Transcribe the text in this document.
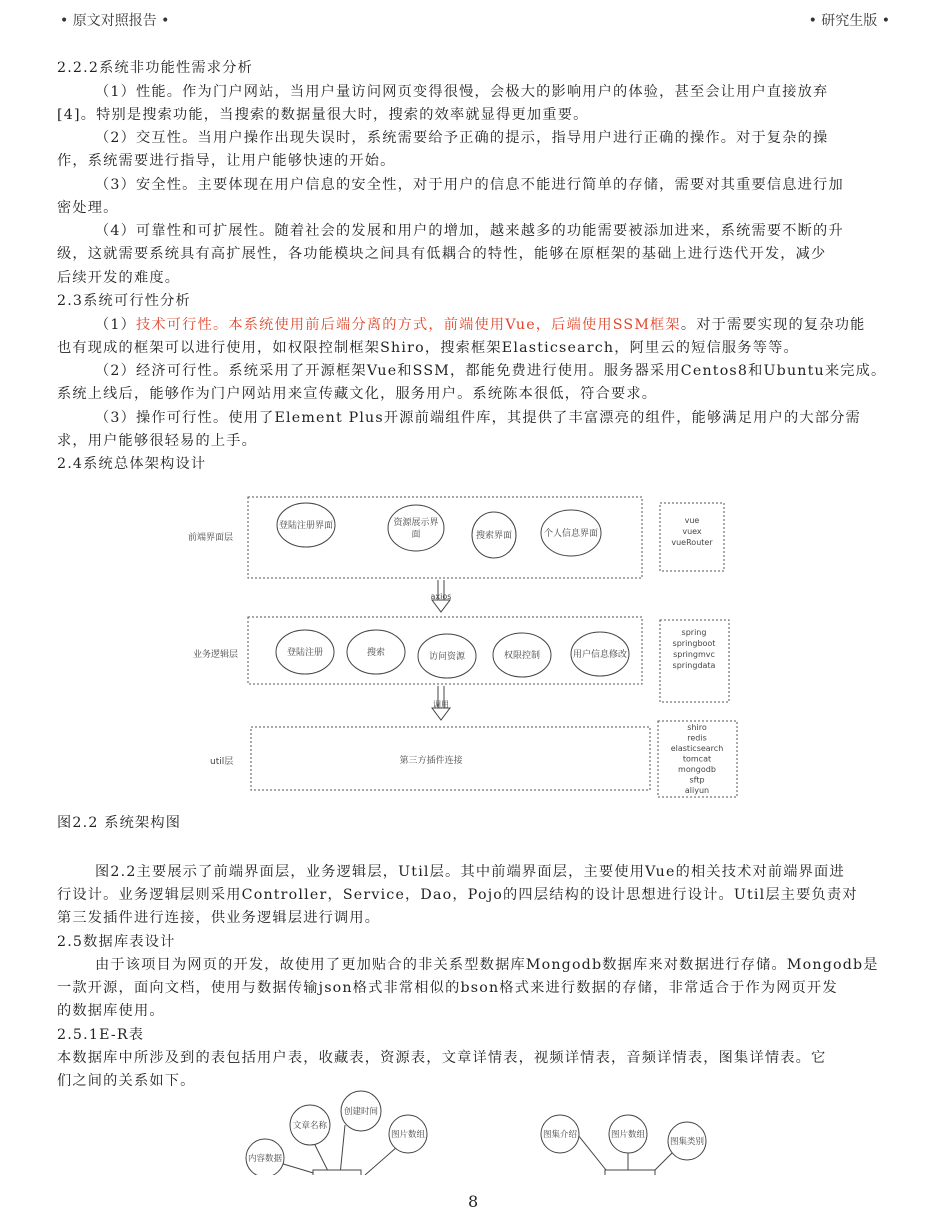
• 原文对照报告 •	• 研究生版 •
2.2.2系统非功能性需求分析
（1）性能。作为门户网站，当用户量访问网页变得很慢，会极大的影响用户的体验，甚至会让用户直接放弃
[4]。特别是搜索功能，当搜索的数据量很大时，搜索的效率就显得更加重要。
（2）交互性。当用户操作出现失误时，系统需要给予正确的提示，指导用户进行正确的操作。对于复杂的操
作，系统需要进行指导，让用户能够快速的开始。
（3）安全性。主要体现在用户信息的安全性，对于用户的信息不能进行简单的存储，需要对其重要信息进行加
密处理。
（4）可靠性和可扩展性。随着社会的发展和用户的增加，越来越多的功能需要被添加进来，系统需要不断的升
级，这就需要系统具有高扩展性，各功能模块之间具有低耦合的特性，能够在原框架的基础上进行迭代开发，减少
后续开发的难度。
2.3系统可行性分析
（1）技术可行性。本系统使用前后端分离的方式，前端使用Vue，后端使用SSM框架。对于需要实现的复杂功能
也有现成的框架可以进行使用，如权限控制框架Shiro，搜索框架Elasticsearch，阿里云的短信服务等等。
（2）经济可行性。系统采用了开源框架Vue和SSM，都能免费进行使用。服务器采用Centos8和Ubuntu来完成。
系统上线后，能够作为门户网站用来宣传藏文化，服务用户。系统陈本很低，符合要求。
（3）操作可行性。使用了Element Plus开源前端组件库，其提供了丰富漂亮的组件，能够满足用户的大部分需
求，用户能够很轻易的上手。
2.4系统总体架构设计
前端界面层
业务逻辑层
util层
登陆注册界面	资源展示界
面	搜索界面	个人信息界面
登陆注册	搜索	访问资源	权限控制	用户信息修改
第三方插件连接
axios
调用
vue
vuex
vueRouter
spring
springboot
springmvc
springdata
shiro
redis
elasticsearch
tomcat
mongodb
sftp
aliyun
内容数据
文章名称
创建时间
图片数组	图集介绍	图片数组
图集类别
图2.2 系统架构图
图2.2主要展示了前端界面层，业务逻辑层，Util层。其中前端界面层，主要使用Vue的相关技术对前端界面进
行设计。业务逻辑层则采用Controller，Service，Dao，Pojo的四层结构的设计思想进行设计。Util层主要负责对
第三发插件进行连接，供业务逻辑层进行调用。
2.5数据库表设计
由于该项目为网页的开发，故使用了更加贴合的非关系型数据库Mongodb数据库来对数据进行存储。Mongodb是
一款开源，面向文档，使用与数据传输json格式非常相似的bson格式来进行数据的存储，非常适合于作为网页开发
的数据库使用。
2.5.1E-R表
本数据库中所涉及到的表包括用户表，收藏表，资源表，文章详情表，视频详情表，音频详情表，图集详情表。它
们之间的关系如下。
8
